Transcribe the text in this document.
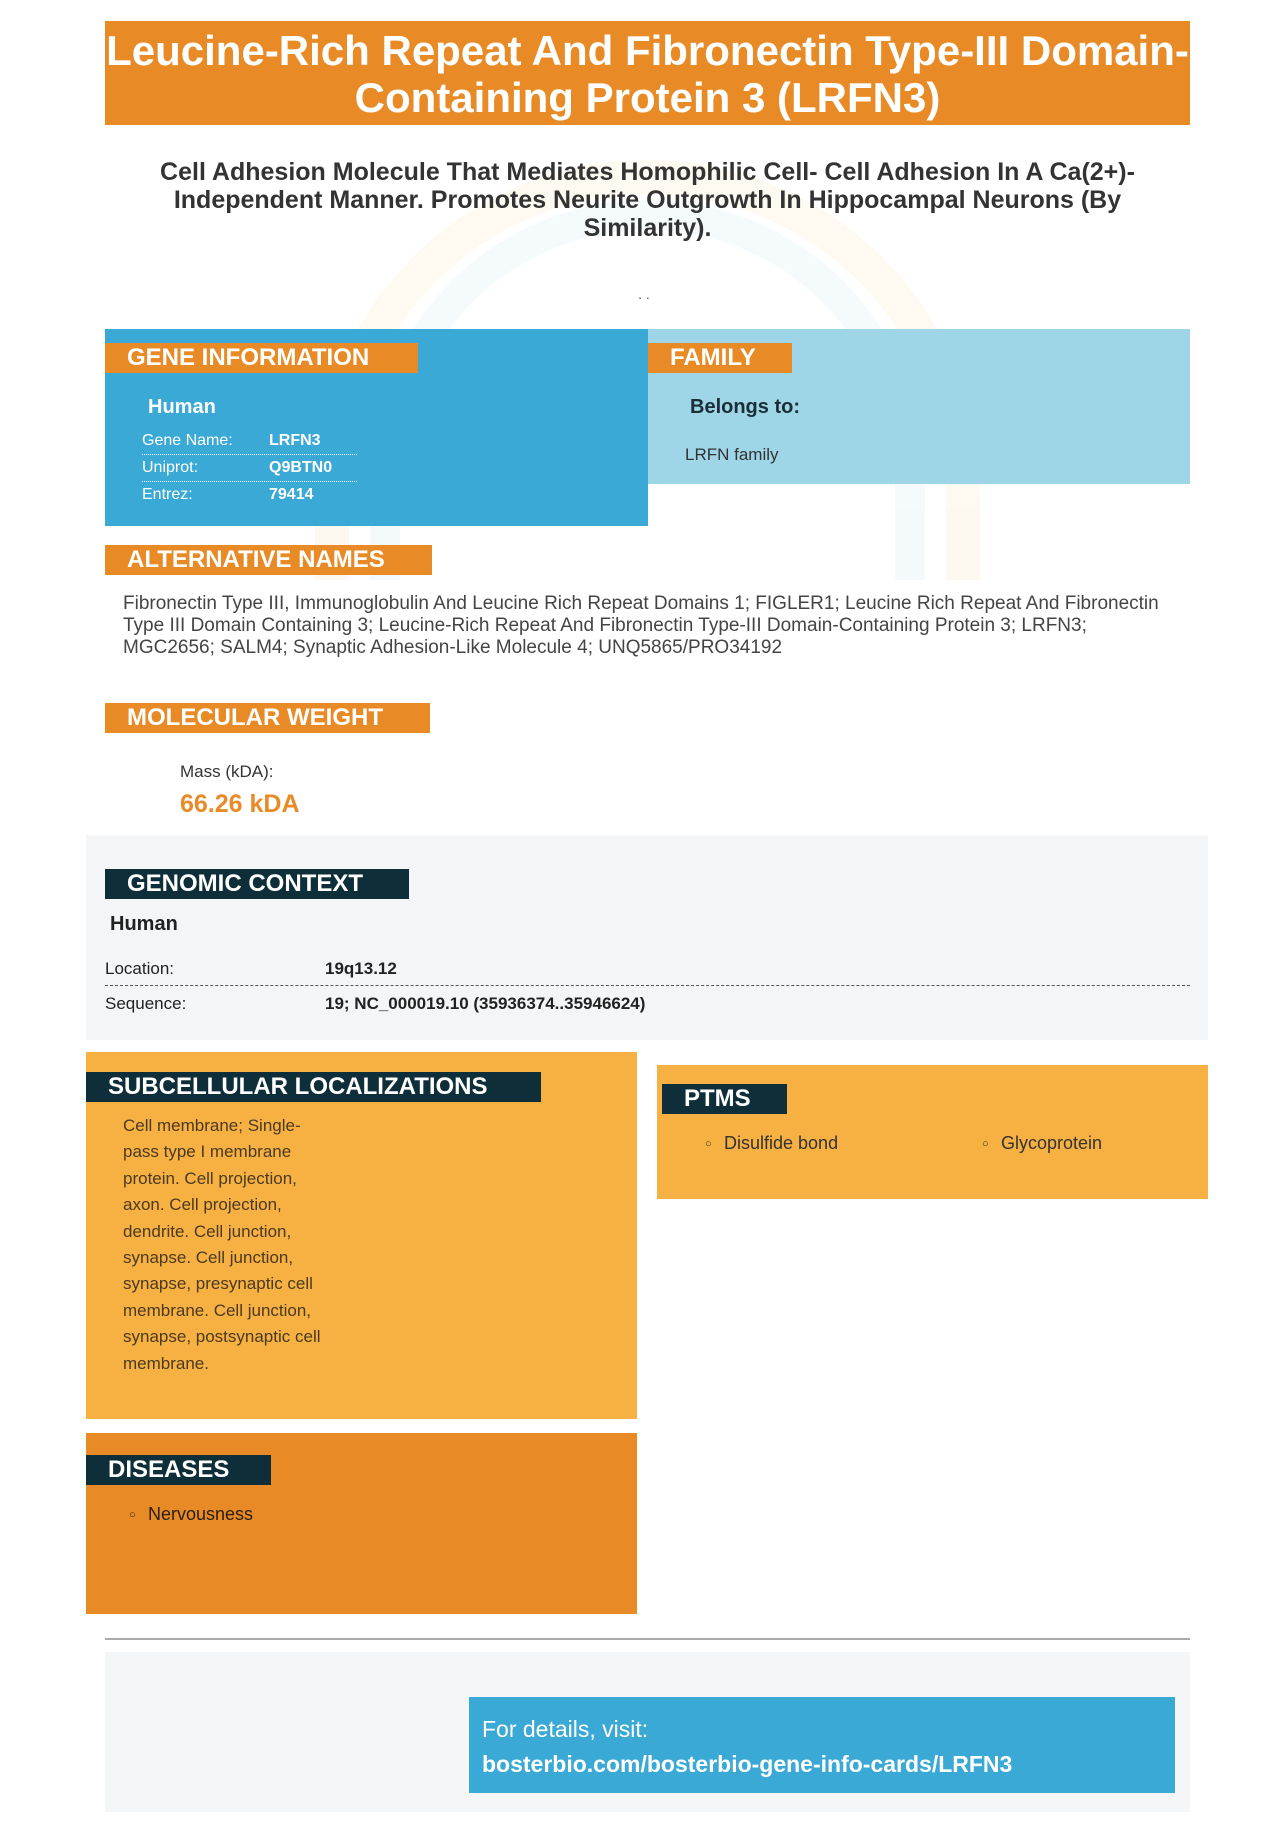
Leucine-Rich Repeat And Fibronectin Type-III Domain-Containing Protein 3 (LRFN3)
Cell Adhesion Molecule That Mediates Homophilic Cell- Cell Adhesion In A Ca(2+)-Independent Manner. Promotes Neurite Outgrowth In Hippocampal Neurons (By Similarity).
. .
GENE INFORMATION
Human
Gene Name: LRFN3
Uniprot:	Q9BTN0
Entrez:	79414
FAMILY
Belongs to:
LRFN family
ALTERNATIVE NAMES
Fibronectin Type III, Immunoglobulin And Leucine Rich Repeat Domains 1; FIGLER1; Leucine Rich Repeat And Fibronectin Type III Domain Containing 3; Leucine-Rich Repeat And Fibronectin Type-III Domain-Containing Protein 3; LRFN3; MGC2656; SALM4; Synaptic Adhesion-Like Molecule 4; UNQ5865/PRO34192
MOLECULAR WEIGHT
Mass (kDA):
66.26 kDA
GENOMIC CONTEXT
Human
Location:	19q13.12
Sequence:	19; NC_000019.10 (35936374..35946624)
SUBCELLULAR LOCALIZATIONS
Cell membrane; Single-pass type I membrane protein. Cell projection, axon. Cell projection, dendrite. Cell junction, synapse. Cell junction, synapse, presynaptic cell membrane. Cell junction, synapse, postsynaptic cell membrane.
PTMS
○ Disulfide bond
○	Glycoprotein
DISEASES
○ Nervousness
For details, visit:
bosterbio.com/bosterbio-gene-info-cards/LRFN3
